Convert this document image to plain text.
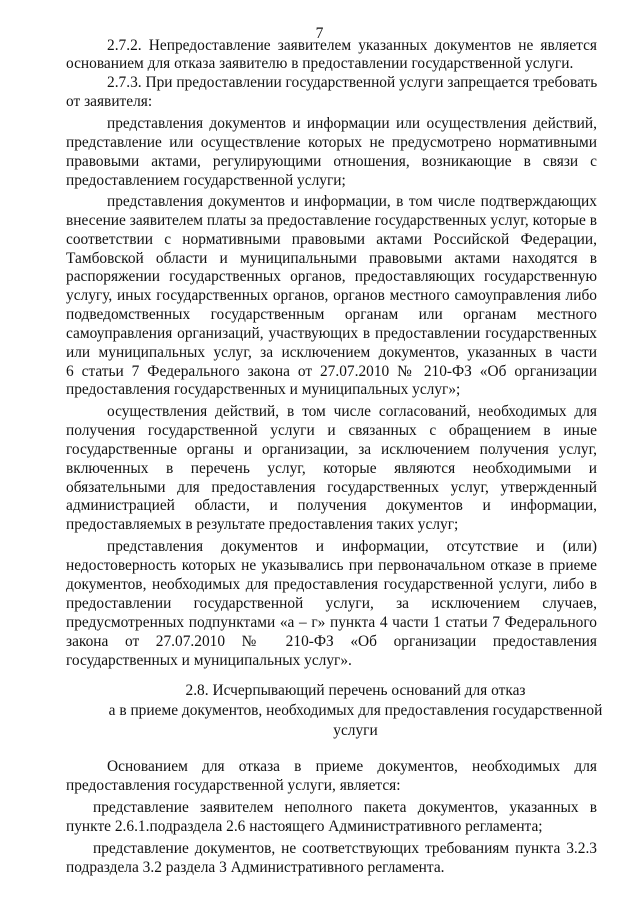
7
2.7.2. Непредоставление заявителем указанных документов не является
основанием для отказа заявителю в предоставлении государственной услуги.
2.7.3. При предоставлении государственной услуги запрещается требовать
от заявителя:
представления документов и информации или осуществления действий,
представление или осуществление которых не предусмотрено нормативными
правовыми актами, регулирующими отношения, возникающие в связи с
предоставлением государственной услуги;
представления документов и информации, в том числе подтверждающих
внесение заявителем платы за предоставление государственных услуг, которые в
соответствии с нормативными правовыми актами Российской Федерации,
Тамбовской области и муниципальными правовыми актами находятся в
распоряжении государственных органов, предоставляющих государственную
услугу, иных государственных органов, органов местного самоуправления либо
подведомственных государственным органам или органам местного
самоуправления организаций, участвующих в предоставлении государственных
или муниципальных услуг, за исключением документов, указанных в части
6 статьи 7 Федерального закона от 27.07.2010 № 210-ФЗ «Об организации
предоставления государственных и муниципальных услуг»;
осуществления действий, в том числе согласований, необходимых для
получения государственной услуги и связанных с обращением в иные
государственные органы и организации, за исключением получения услуг,
включенных в перечень услуг, которые являются необходимыми и
обязательными для предоставления государственных услуг, утвержденный
администрацией области, и получения документов и информации,
предоставляемых в результате предоставления таких услуг;
представления документов и информации, отсутствие и (или)
недостоверность которых не указывались при первоначальном отказе в приеме
документов, необходимых для предоставления государственной услуги, либо в
предоставлении государственной услуги, за исключением случаев,
предусмотренных подпунктами «а – г» пункта 4 части 1 статьи 7 Федерального
закона от 27.07.2010 № 210-ФЗ «Об организации предоставления
государственных и муниципальных услуг».
2.8. Исчерпывающий перечень оснований для отказ
а в приеме документов, необходимых для предоставления государственной
услуги
Основанием для отказа в приеме документов, необходимых для
предоставления государственной услуги, является:
представление заявителем неполного пакета документов, указанных в
пункте 2.6.1.подраздела 2.6 настоящего Административного регламента;
представление документов, не соответствующих требованиям пункта 3.2.3
подраздела 3.2 раздела 3 Административного регламента.
